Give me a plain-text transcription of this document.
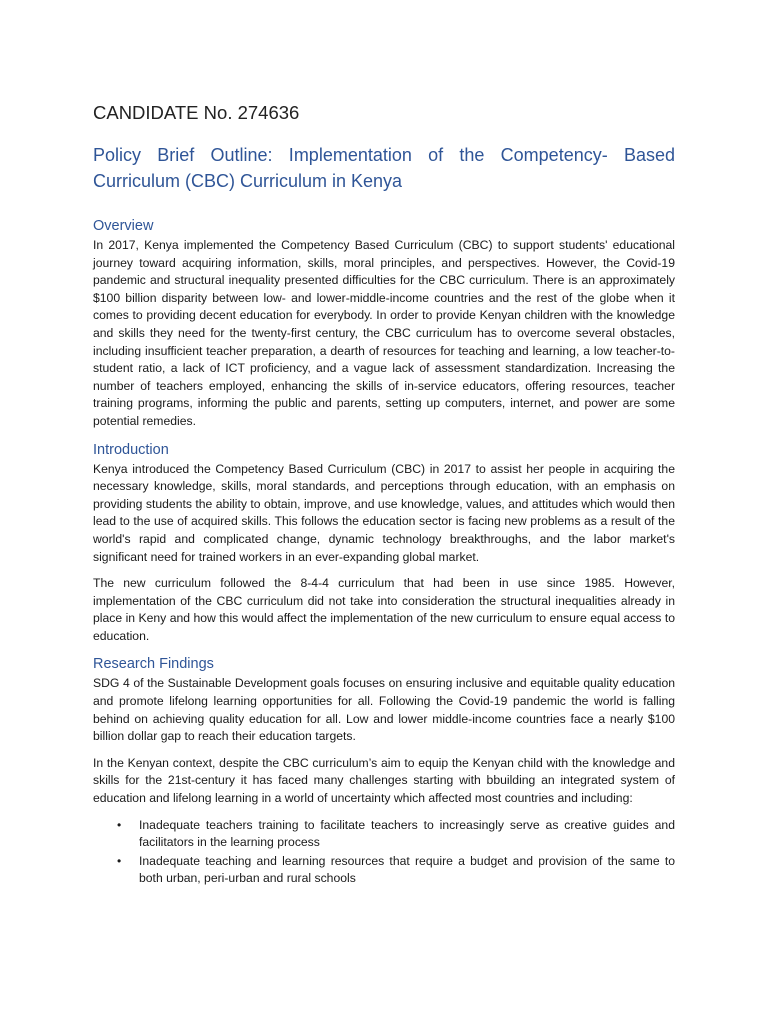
CANDIDATE No. 274636
Policy Brief Outline: Implementation of the Competency- Based Curriculum (CBC) Curriculum in Kenya
Overview

In 2017, Kenya implemented the Competency Based Curriculum (CBC) to support students' educational journey toward acquiring information, skills, moral principles, and perspectives. However, the Covid-19 pandemic and structural inequality presented difficulties for the CBC curriculum. There is an approximately $100 billion disparity between low- and lower-middle-income countries and the rest of the globe when it comes to providing decent education for everybody. In order to provide Kenyan children with the knowledge and skills they need for the twenty-first century, the CBC curriculum has to overcome several obstacles, including insufficient teacher preparation, a dearth of resources for teaching and learning, a low teacher-to-student ratio, a lack of ICT proficiency, and a vague lack of assessment standardization. Increasing the number of teachers employed, enhancing the skills of in-service educators, offering resources, teacher training programs, informing the public and parents, setting up computers, internet, and power are some potential remedies.

Introduction

Kenya introduced the Competency Based Curriculum (CBC) in 2017 to assist her people in acquiring the necessary knowledge, skills, moral standards, and perceptions through education, with an emphasis on providing students the ability to obtain, improve, and use knowledge, values, and attitudes which would then lead to the use of acquired skills. This follows the education sector is facing new problems as a result of the world's rapid and complicated change, dynamic technology breakthroughs, and the labor market's significant need for trained workers in an ever-expanding global market.

The new curriculum followed the 8-4-4 curriculum that had been in use since 1985. However, implementation of the CBC curriculum did not take into consideration the structural inequalities already in place in Keny and how this would affect the implementation of the new curriculum to ensure equal access to education.

Research Findings

SDG 4 of the Sustainable Development goals focuses on ensuring inclusive and equitable quality education and promote lifelong learning opportunities for all. Following the Covid-19 pandemic the world is falling behind on achieving quality education for all. Low and lower middle-income countries face a nearly $100 billion dollar gap to reach their education targets.

In the Kenyan context, despite the CBC curriculum’s aim to equip the Kenyan child with the knowledge and skills for the 21st-century it has faced many challenges starting with bbuilding an integrated system of education and lifelong learning in a world of uncertainty which affected most countries and including:

• Inadequate teachers training to facilitate teachers to increasingly serve as creative guides and facilitators in the learning process
• Inadequate teaching and learning resources that require a budget and provision of the same to both urban, peri-urban and rural schools
